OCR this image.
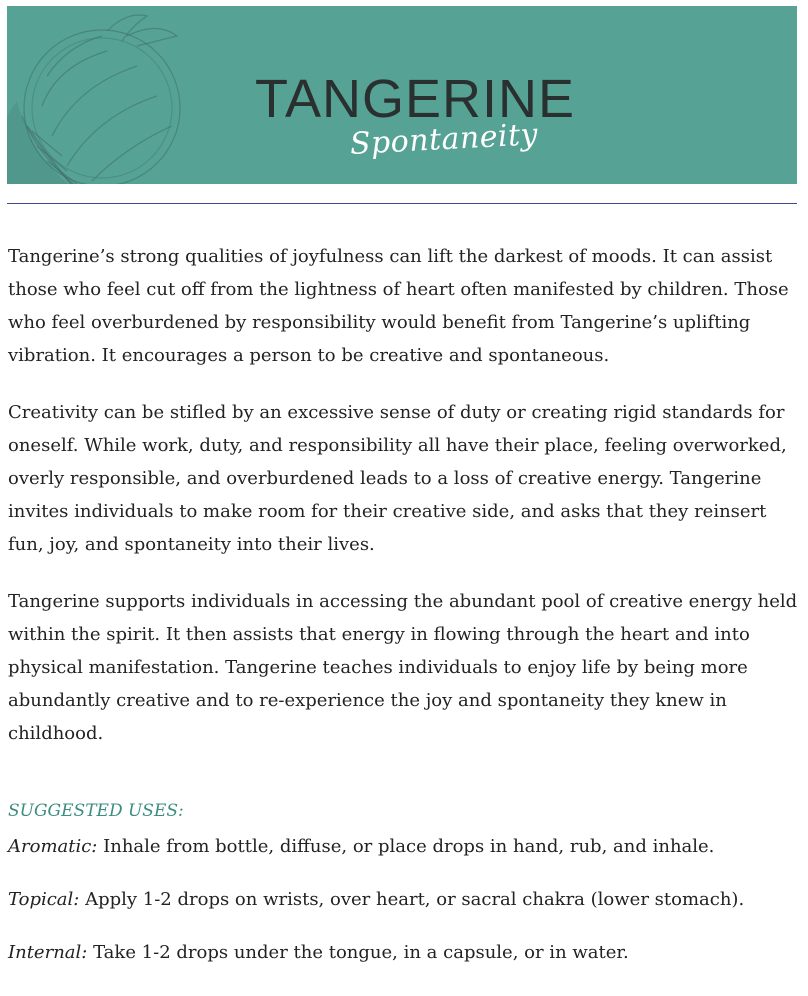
TANGERINE
Spontaneity

Tangerine’s strong qualities of joyfulness can lift the darkest of moods. It can assist those who feel cut off from the lightness of heart often manifested by children. Those who feel overburdened by responsibility would benefit from Tangerine’s uplifting vibration. It encourages a person to be creative and spontaneous.

Creativity can be stifled by an excessive sense of duty or creating rigid standards for oneself. While work, duty, and responsibility all have their place, feeling overworked, overly responsible, and overburdened leads to a loss of creative energy. Tangerine invites individuals to make room for their creative side, and asks that they reinsert fun, joy, and spontaneity into their lives.

Tangerine supports individuals in accessing the abundant pool of creative energy held within the spirit. It then assists that energy in flowing through the heart and into physical manifestation. Tangerine teaches individuals to enjoy life by being more abundantly creative and to re-experience the joy and spontaneity they knew in childhood.

SUGGESTED USES:
Aromatic: Inhale from bottle, diffuse, or place drops in hand, rub, and inhale.
Topical: Apply 1-2 drops on wrists, over heart, or sacral chakra (lower stomach).
Internal: Take 1-2 drops under the tongue, in a capsule, or in water.
